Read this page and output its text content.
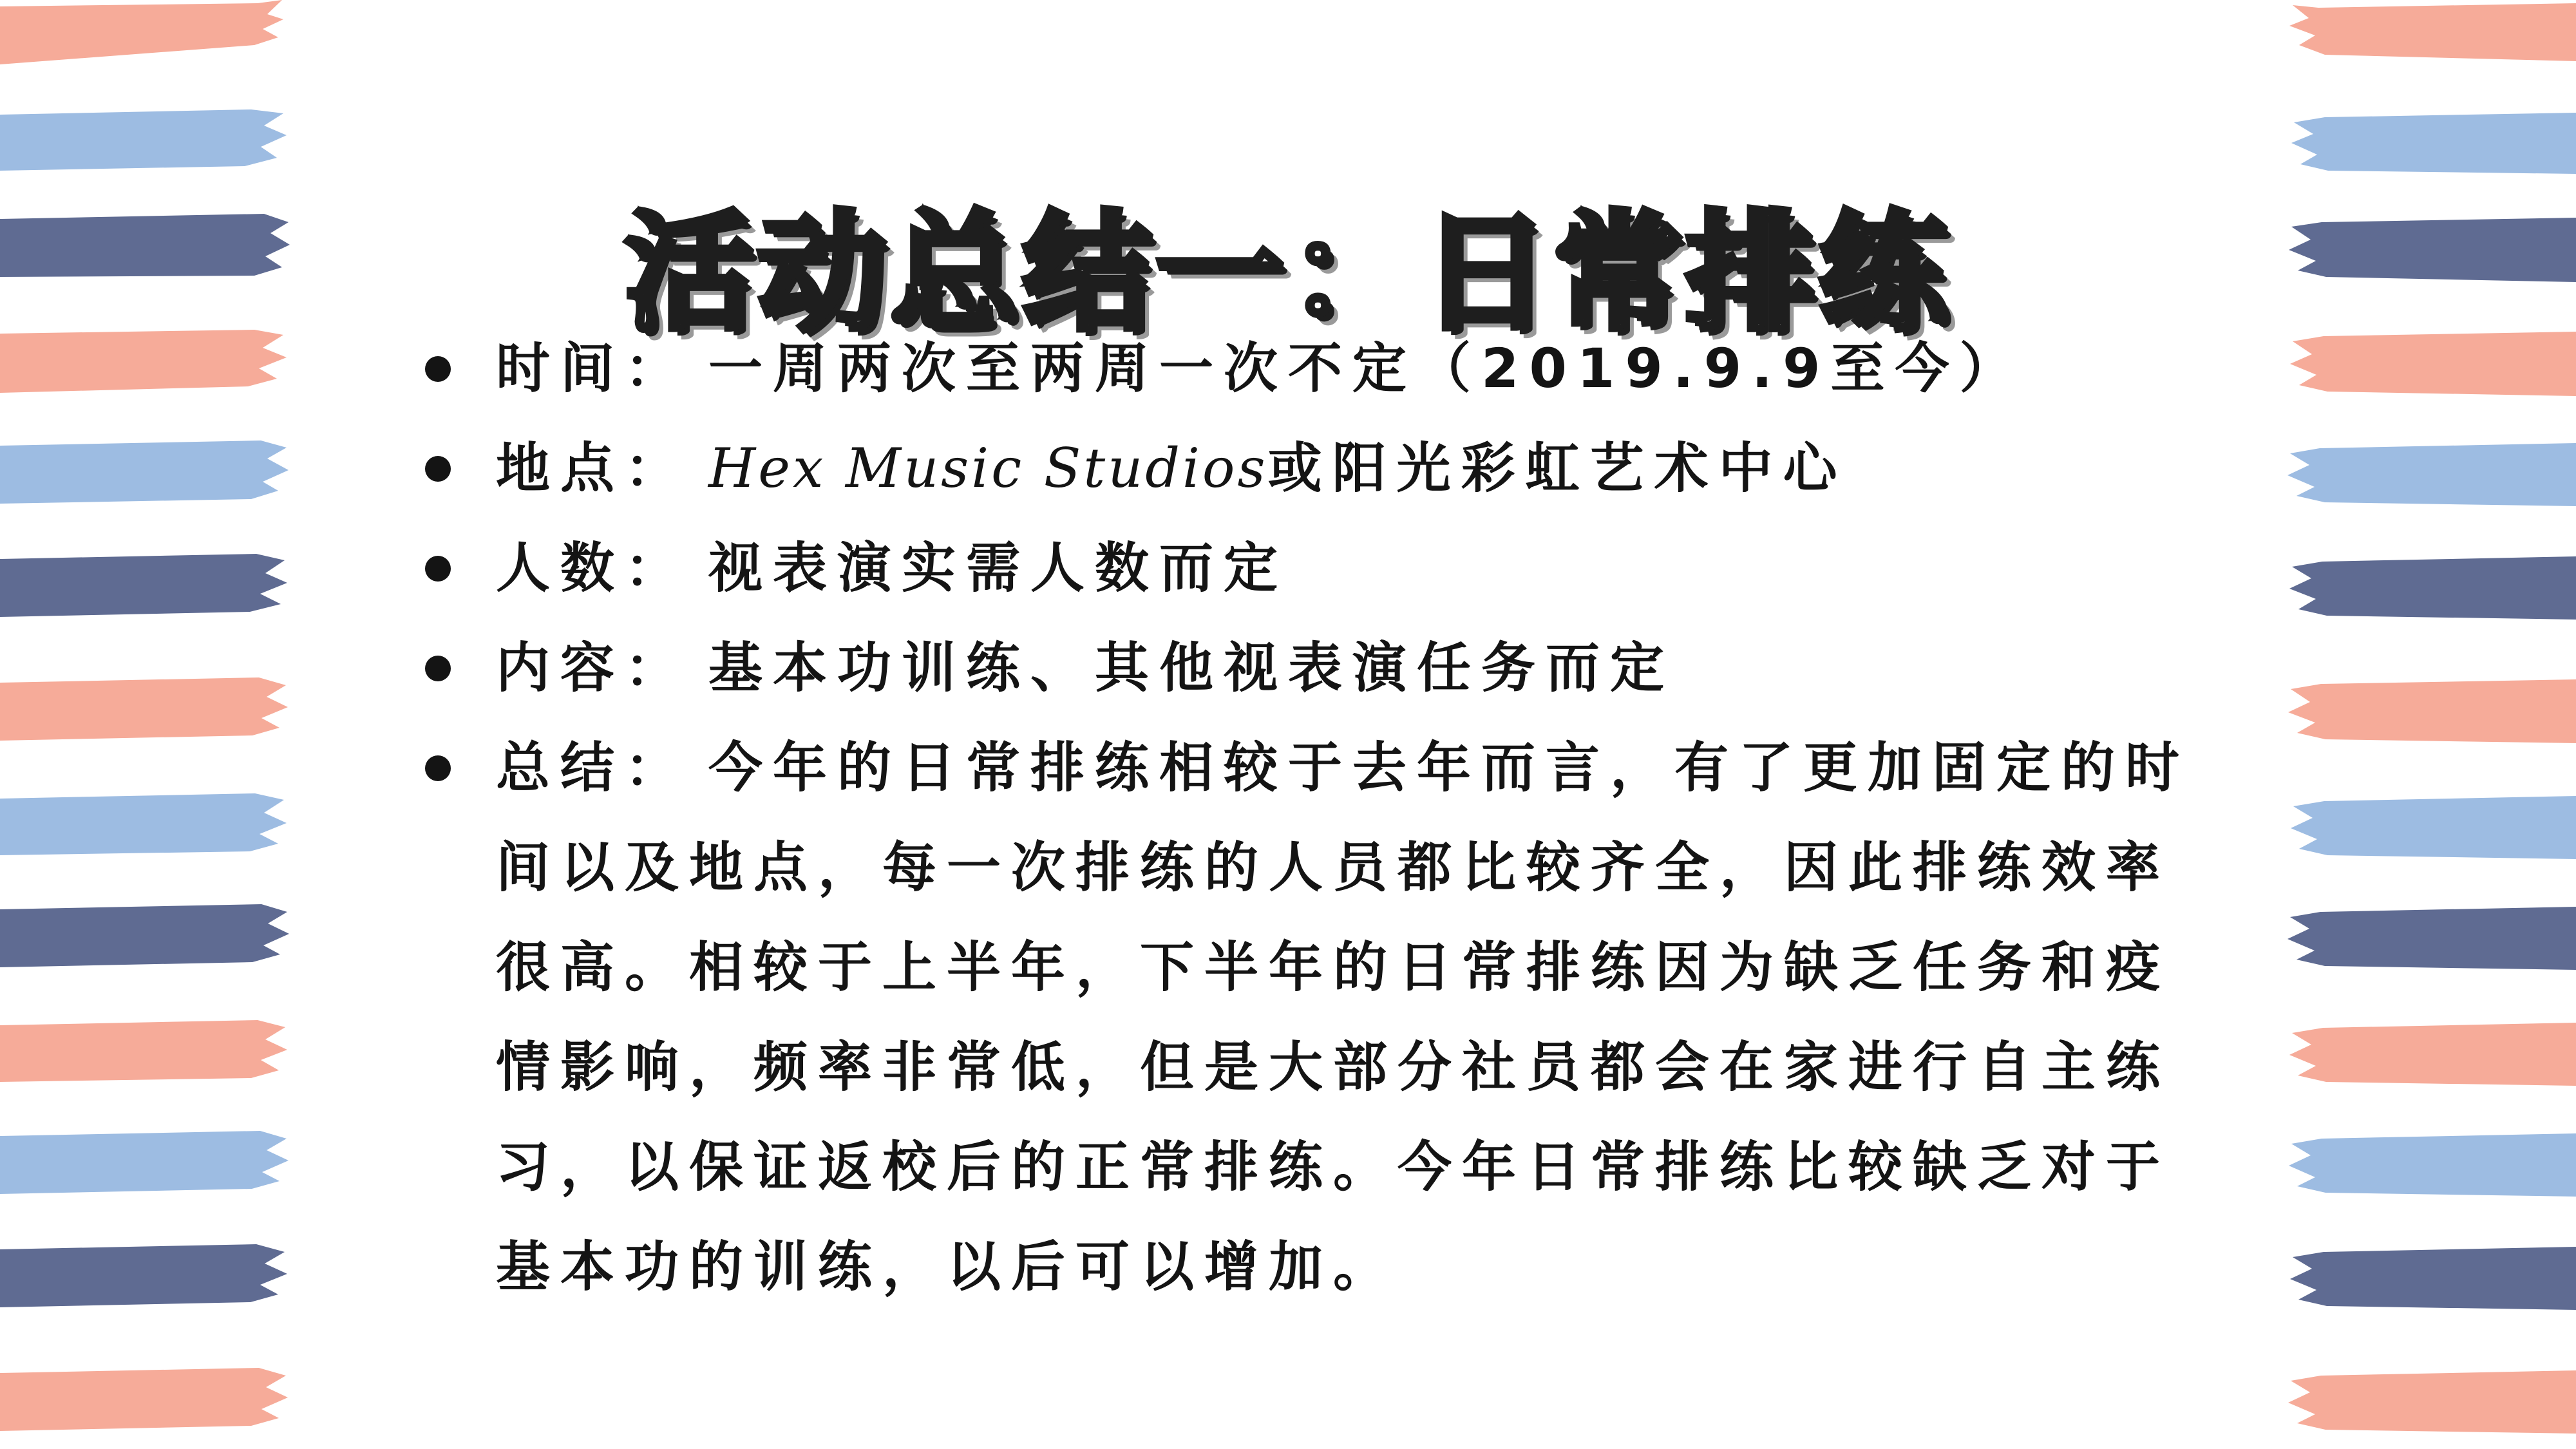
活动总结一：日常排练
时间： 一周两次至两周一次不定（2019.9.9至今）
地点： Hex Music Studios或阳光彩虹艺术中心
人数： 视表演实需人数而定
内容： 基本功训练、其他视表演任务而定
总结： 今年的日常排练相较于去年而言，有了更加固定的时间以及地点，每一次排练的人员都比较齐全，因此排练效率很高。相较于上半年，下半年的日常排练因为缺乏任务和疫情影响，频率非常低，但是大部分社员都会在家进行自主练习，以保证返校后的正常排练。今年日常排练比较缺乏对于基本功的训练，以后可以增加。
